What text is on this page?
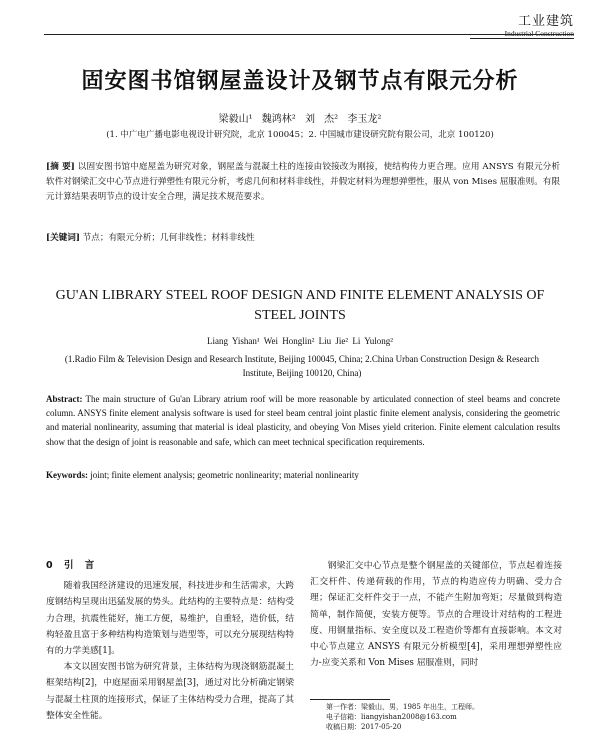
工业建筑
Industrial Construction
固安图书馆钢屋盖设计及钢节点有限元分析
梁毅山¹ 魏鸿林² 刘 杰² 李玉龙²
(1. 中广电广播电影电视设计研究院，北京 100045；2. 中国城市建设研究院有限公司，北京 100120)
[摘 要] 以固安图书馆中庭屋盖为研究对象，钢屋盖与混凝土柱的连接由铰接改为刚接，使结构传力更合理。应用 ANSYS 有限元分析软件对钢梁汇交中心节点进行弹塑性有限元分析，考虑几何和材料非线性，并假定材料为理想弹塑性，服从 von Mises 屈服准则。有限元计算结果表明节点的设计安全合理，满足技术规范要求。
[关键词] 节点；有限元分析；几何非线性；材料非线性
GU'AN LIBRARY STEEL ROOF DESIGN AND FINITE ELEMENT ANALYSIS OF STEEL JOINTS
Liang Yishan¹ Wei Honglin² Liu Jie² Li Yulong²
(1.Radio Film & Television Design and Research Institute, Beijing 100045, China; 2.China Urban Construction Design & Research Institute, Beijing 100120, China)
Abstract: The main structure of Gu'an Library atrium roof will be more reasonable by articulated connection of steel beams and concrete column. ANSYS finite element analysis software is used for steel beam central joint plastic finite element analysis, considering the geometric and material nonlinearity, assuming that material is ideal plasticity, and obeying Von Mises yield criterion. Finite element calculation results show that the design of joint is reasonable and safe, which can meet technical specification requirements.
Keywords: joint; finite element analysis; geometric nonlinearity; material nonlinearity
0 引 言

随着我国经济建设的迅速发展，科技进步和生活需求，大跨度钢结构呈现出迅猛发展的势头。此结构的主要特点是：结构受力合理，抗震性能好，施工方便，易维护，自重轻，造价低，结构轻盈且富于多种结构构造策划与造型等，可以充分展现结构特有的力学美感[1]。

本文以固安图书馆为研究背景，主体结构为现浇钢筋混凝土框架结构[2]，中庭屋面采用钢屋盖[3]，通过对比分析确定钢梁与混凝土柱顶的连接形式，保证了主体结构受力合理，提高了其整体安全性能。

钢梁汇交中心节点是整个钢屋盖的关键部位，节点起着连接汇交杆件、传递荷载的作用，节点的构造应传力明确、受力合理；保证汇交杆件交于一点，不能产生附加弯矩；尽量做到构造简单，制作简便，安装方便等。节点的合理设计对结构的工程进度、用钢量指标、安全度以及工程造价等都有直接影响。本文对中心节点建立 ANSYS 有限元分析模型[4]，采用理想弹塑性应力-应变关系和 Von Mises 屈服准则，同时

第一作者：梁毅山，男，1985 年出生，工程师。
电子信箱：liangyishan2008@163.com
收稿日期：2017-05-20
